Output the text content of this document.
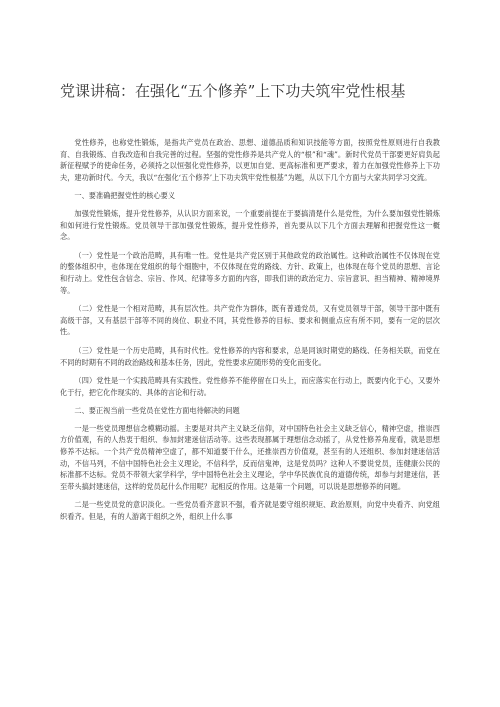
党课讲稿：在强化“五个修养”上下功夫筑牢党性根基

党性修养，也称党性锻炼，是指共产党员在政治、思想、道德品质和知识技能等方面，按照党性原则进行自我教育、自我锻炼、自我改造和自我完善的过程。坚强的党性修养是共产党人的“根”和“魂”。新时代党员干部要更好肩负起新征程赋予的使命任务，必须持之以恒强化党性修养，以更加自觉、更高标准和更严要求，着力在加强党性修养上下功夫，建功新时代。今天，我以“在强化‘五个修养’上下功夫筑牢党性根基”为题，从以下几个方面与大家共同学习交流。

一、要准确把握党性的核心要义

加强党性锻炼，提升党性修养，从认识方面来说，一个重要前提在于要搞清楚什么是党性，为什么要加强党性锻炼和如何进行党性锻炼。党员领导干部加强党性锻炼，提升党性修养，首先要从以下几个方面去理解和把握党性这一概念。

（一）党性是一个政治范畴，具有唯一性。党性是共产党区别于其他政党的政治属性。这种政治属性不仅体现在党的整体组织中，也体现在党组织的每个细胞中，不仅体现在党的路线、方针、政策上，也体现在每个党员的思想、言论和行动上。党性包含信念、宗旨、作风、纪律等多方面的内容，即我们讲的政治定力、宗旨意识、担当精神、精神境界等。

（二）党性是一个相对范畴，具有层次性。共产党作为群体，既有普通党员，又有党员领导干部，领导干部中既有高级干部，又有基层干部等不同的岗位、职业不同，其党性修养的目标、要求和侧重点应有所不同，要有一定的层次性。

（三）党性是一个历史范畴，具有时代性。党性修养的内容和要求，总是同该时期党的路线、任务相关联，而党在不同的时期有不同的政治路线和基本任务，因此，党性要求应随形势的变化而变化。

（四）党性是一个实践范畴具有实践性。党性修养不能停留在口头上，而应落实在行动上，既要内化于心，又要外化于行，把它化作现实的、具体的言论和行动。

二、要正视当前一些党员在党性方面电待解决的问题

一是一些党员理想信念模糊动摇。主要是对共产主义缺乏信仰，对中国特色社会主义缺乏信心，精神空虚，推崇西方价值观，有的人热衷于组织、参加封建迷信活动等。这些表现都属于理想信念动摇了，从党性修养角度看，就是思想修养不达标。一个共产党员精神空虚了，都不知道要干什么，还推崇西方价值观，甚至有的人还组织、参加封建迷信活动，不信马列，不信中国特色社会主义理论，不信科学，反而信鬼神，这是党员吗？这种人不要说党员，连健康公民的标准都不达标。党员不带领大家学科学，学中国特色社会主义理论，学中华民族优良的道德传统，却参与封建迷信，甚至带头搞封建迷信，这样的党员起什么作用呢？起相反的作用。这是第一个问题，可以说是思想修养的问题。

二是一些党员党的意识淡化。一些党员看齐意识不强，看齐就是要守组织规矩、政治原则，向党中央看齐、向党组织看齐。但是，有的人游离于组织之外，组织上什么事
